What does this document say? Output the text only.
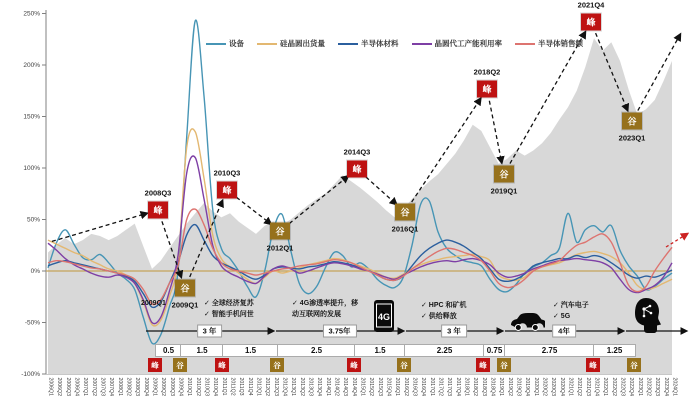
250%
200%
150%
100%
50%
0%
-50%
-100%
2006Q1 2006Q2 2006Q3 2006Q4 2007Q1 2007Q2 2007Q3 2007Q4 2008Q1 2008Q2 2008Q3 2008Q4 2009Q1 2009Q2 2009Q3 2009Q4 2010Q1 2010Q2 2010Q3 2010Q4 2011Q1 2011Q2 2011Q3 2011Q4 2012Q1 2012Q2 2012Q3 2012Q4 2013Q1 2013Q2 2013Q3 2013Q4 2014Q1 2014Q2 2014Q3 2014Q4 2015Q1 2015Q2 2015Q3 2015Q4 2016Q1 2016Q2 2016Q3 2016Q4 2017Q1 2017Q2 2017Q3 2017Q4 2018Q1 2018Q2 2018Q3 2018Q4 2019Q1 2019Q2 2019Q3 2019Q4 2020Q1 2020Q2 2020Q3 2020Q4 2021Q1 2021Q2 2021Q3 2021Q4 2022Q1 2022Q2 2022Q3 2022Q4 2023Q1 2023Q2 2023Q3 2023Q4 2024Q1
设备	硅晶圆出货量	半导体材料	晶圆代工产能利用率	半导体销售额
峰
2008Q3
谷
2009Q1
峰
2010Q3
谷
2012Q1
峰
2014Q3
谷
2016Q1
峰
2018Q2
谷
2019Q1
峰
2021Q4
谷
2023Q1
0.5	1.5	1.5	2.5	1.5	2.25	0.75	2.75	1.25
峰	谷	峰	谷	峰	谷	峰	谷	峰	谷
3 年	3.75年	3 年	4年
2009Q1	✓ 全球经济复苏
✓ 智能手机问世
✓ 4G渗透率提升，移
动互联网的发展
✓ HPC 和矿机
✓ 供给释放
✓ 汽车电子
✓ 5G
4G
